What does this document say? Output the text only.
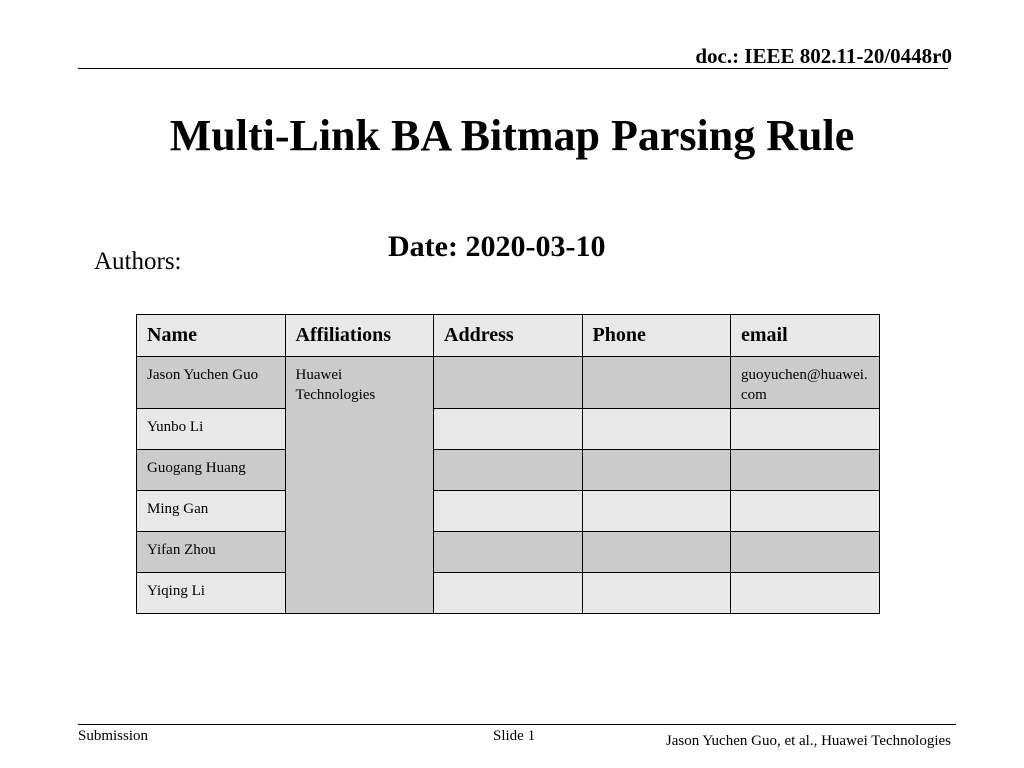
doc.: IEEE 802.11-20/0448r0
Multi-Link BA Bitmap Parsing Rule
Date: 2020-03-10
Authors:
Name	Affiliations	Address	Phone	email
Jason Yuchen Guo	Huawei Technologies			guoyuchen@huawei.com
Yunbo Li				
Guogang Huang				
Ming Gan				
Yifan Zhou				
Yiqing Li				
Submission	Slide 1	Jason Yuchen Guo, et al., Huawei Technologies
